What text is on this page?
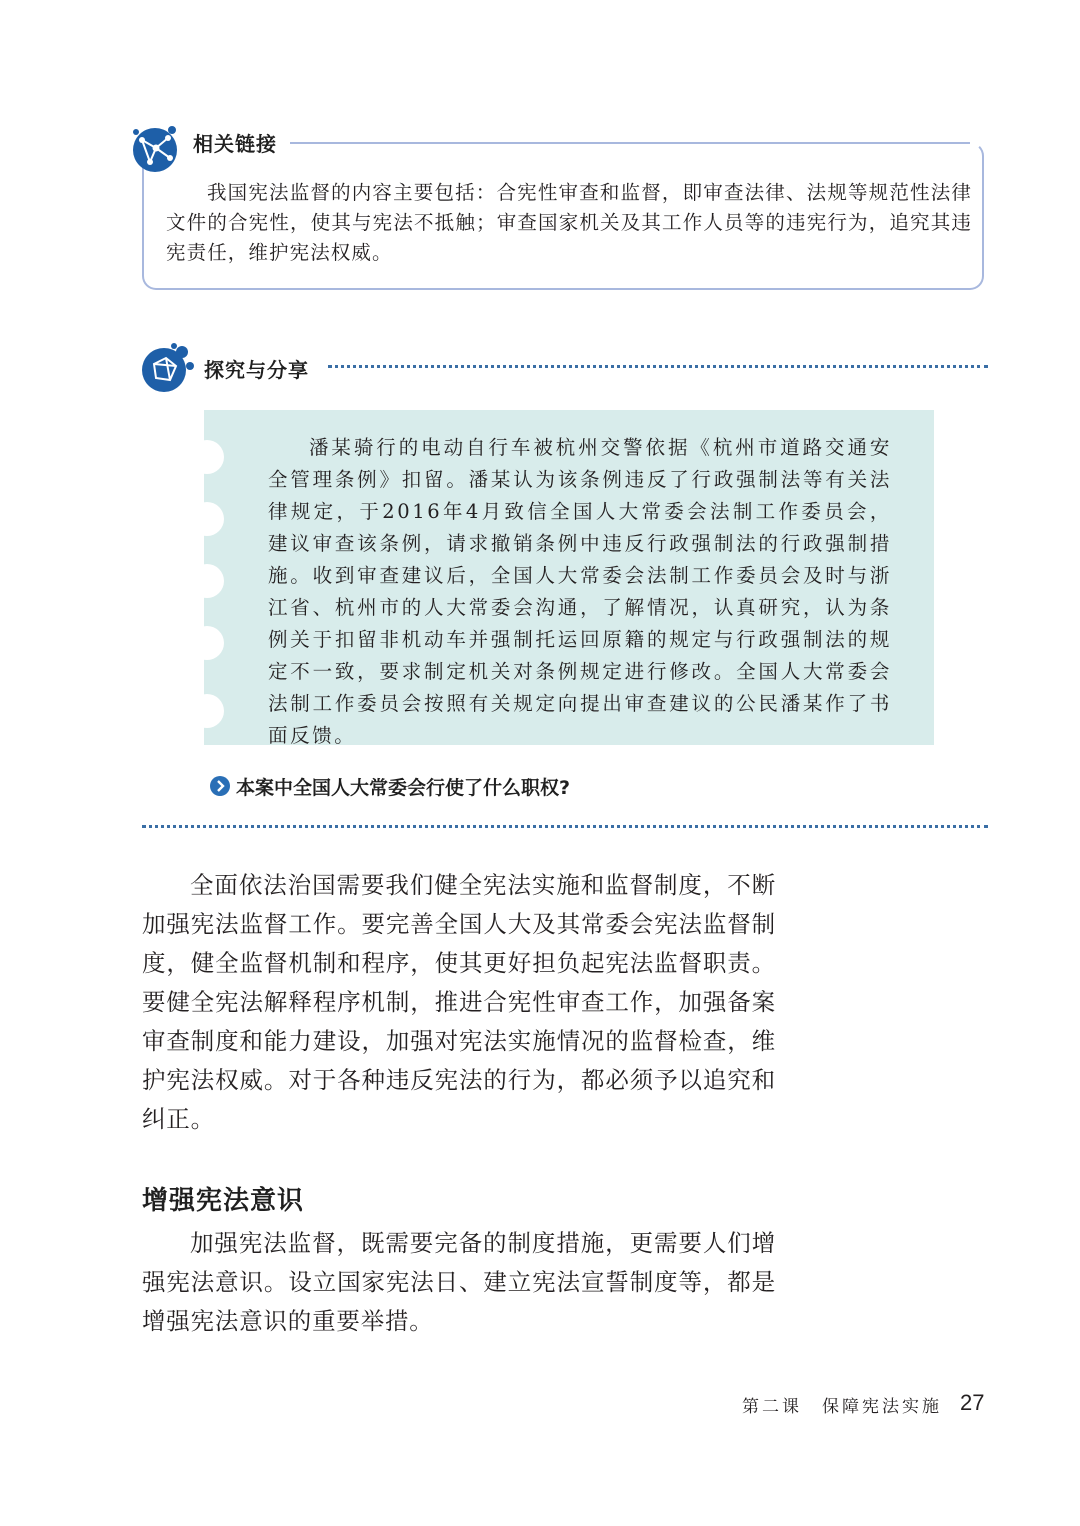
相关链接
我国宪法监督的内容主要包括：合宪性审查和监督，即审查法律、法规等规范性法律文件的合宪性，使其与宪法不抵触；审查国家机关及其工作人员等的违宪行为，追究其违宪责任，维护宪法权威。
探究与分享
潘某骑行的电动自行车被杭州交警依据《杭州市道路交通安全管理条例》扣留。潘某认为该条例违反了行政强制法等有关法律规定，于2016年4月致信全国人大常委会法制工作委员会，建议审查该条例，请求撤销条例中违反行政强制法的行政强制措施。收到审查建议后，全国人大常委会法制工作委员会及时与浙江省、杭州市的人大常委会沟通，了解情况，认真研究，认为条例关于扣留非机动车并强制托运回原籍的规定与行政强制法的规定不一致，要求制定机关对条例规定进行修改。全国人大常委会法制工作委员会按照有关规定向提出审查建议的公民潘某作了书面反馈。
本案中全国人大常委会行使了什么职权?
全面依法治国需要我们健全宪法实施和监督制度，不断加强宪法监督工作。要完善全国人大及其常委会宪法监督制度，健全监督机制和程序，使其更好担负起宪法监督职责。要健全宪法解释程序机制，推进合宪性审查工作，加强备案审查制度和能力建设，加强对宪法实施情况的监督检查，维护宪法权威。对于各种违反宪法的行为，都必须予以追究和纠正。
增强宪法意识
加强宪法监督，既需要完备的制度措施，更需要人们增强宪法意识。设立国家宪法日、建立宪法宣誓制度等，都是增强宪法意识的重要举措。
第二课　保障宪法实施 27
